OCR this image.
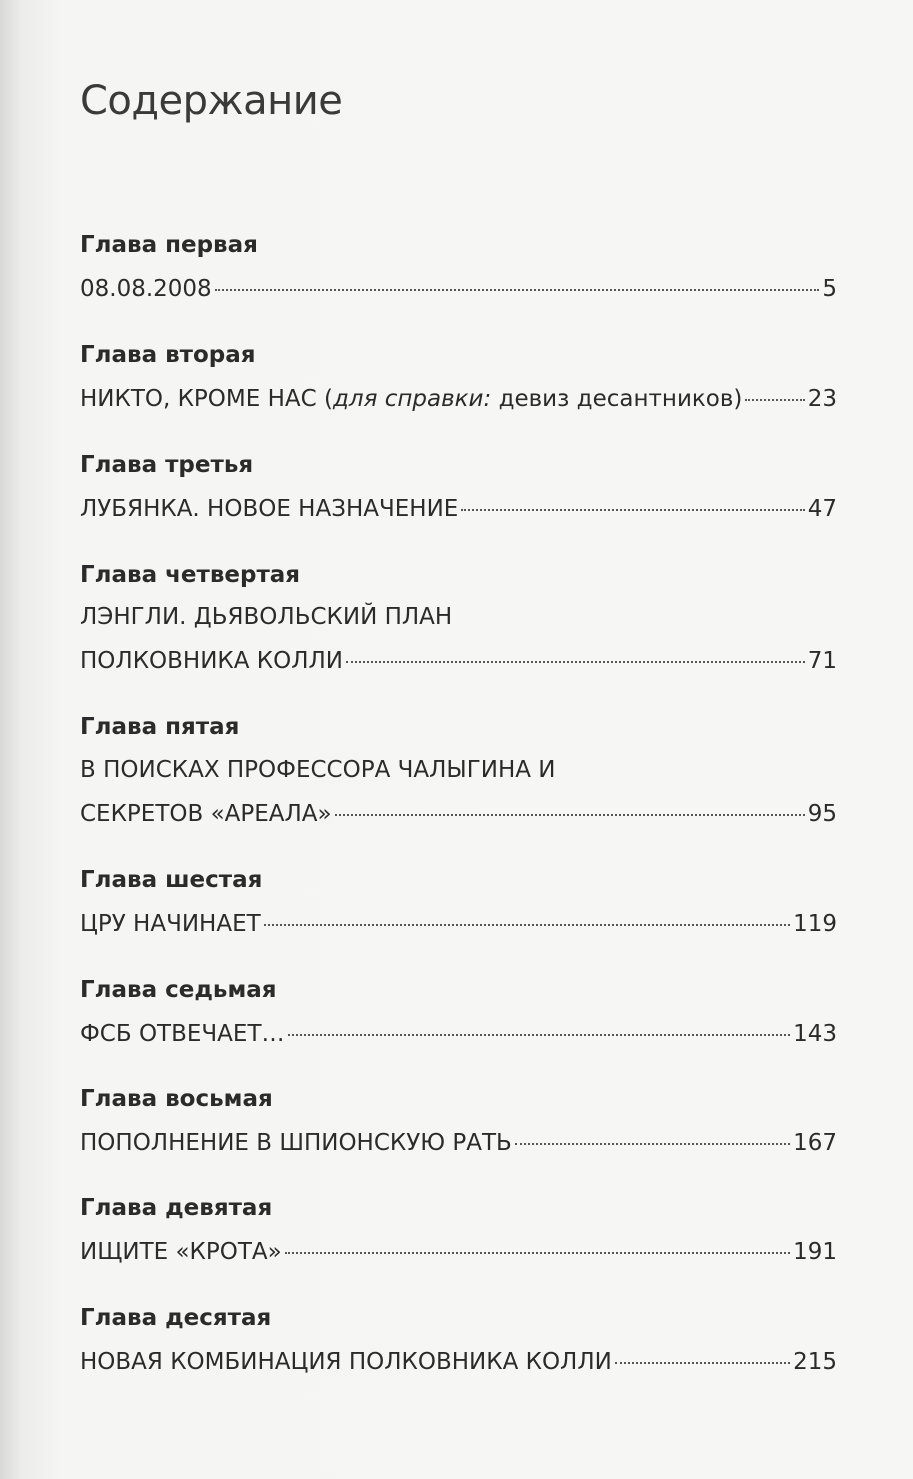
Содержание
Глава первая
08.08.2008	5
Глава вторая
НИКТО, КРОМЕ НАС (для справки: девиз десантников)	23
Глава третья
ЛУБЯНКА. НОВОЕ НАЗНАЧЕНИЕ	47
Глава четвертая
ЛЭНГЛИ. ДЬЯВОЛЬСКИЙ ПЛАН
ПОЛКОВНИКА КОЛЛИ	71
Глава пятая
В ПОИСКАХ ПРОФЕССОРА ЧАЛЫГИНА И
СЕКРЕТОВ «АРЕАЛА»	95
Глава шестая
ЦРУ НАЧИНАЕТ	119
Глава седьмая
ФСБ ОТВЕЧАЕТ…	143
Глава восьмая
ПОПОЛНЕНИЕ В ШПИОНСКУЮ РАТЬ	167
Глава девятая
ИЩИТЕ «КРОТА»	191
Глава десятая
НОВАЯ КОМБИНАЦИЯ ПОЛКОВНИКА КОЛЛИ	215
